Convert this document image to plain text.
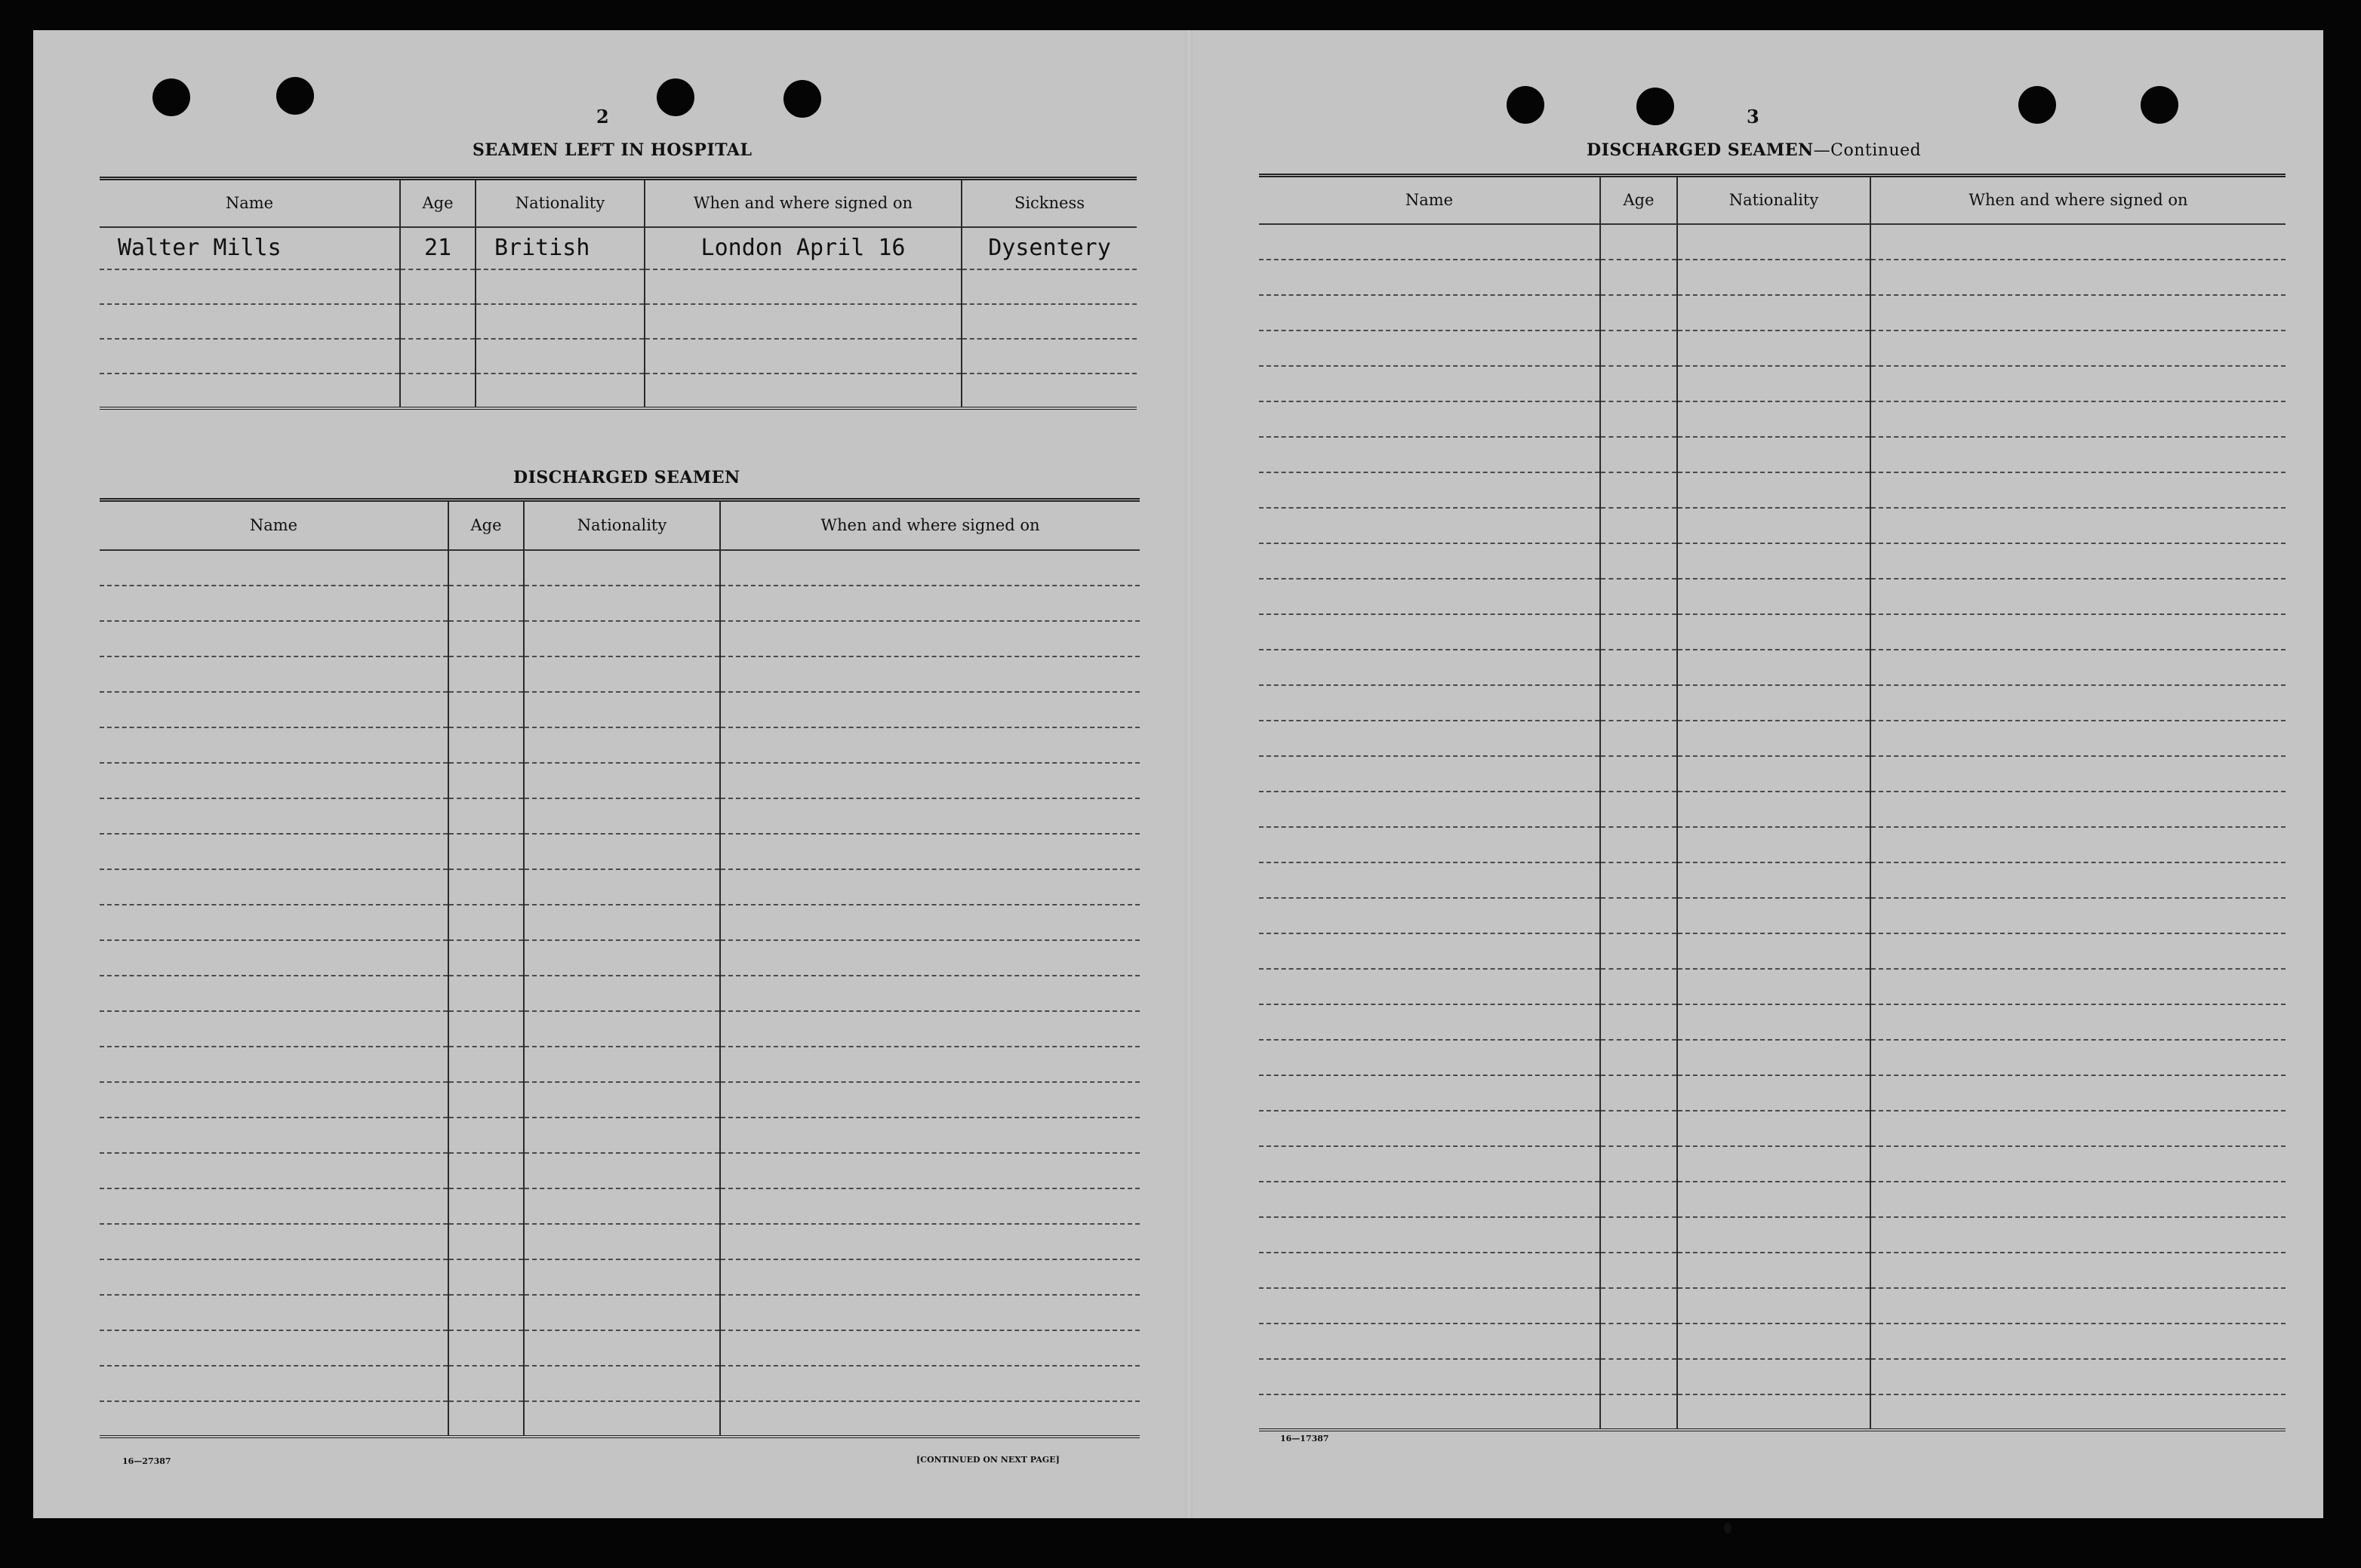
2
SEAMEN LEFT IN HOSPITAL
Name	Age	Nationality	When and where signed on	Sickness
Walter Mills	21	British	London April 16	Dysentery

DISCHARGED SEAMEN
Name	Age	Nationality	When and where signed on

16—27387	[CONTINUED ON NEXT PAGE]
3
DISCHARGED SEAMEN—Continued
Name	Age	Nationality	When and where signed on

16—17387
